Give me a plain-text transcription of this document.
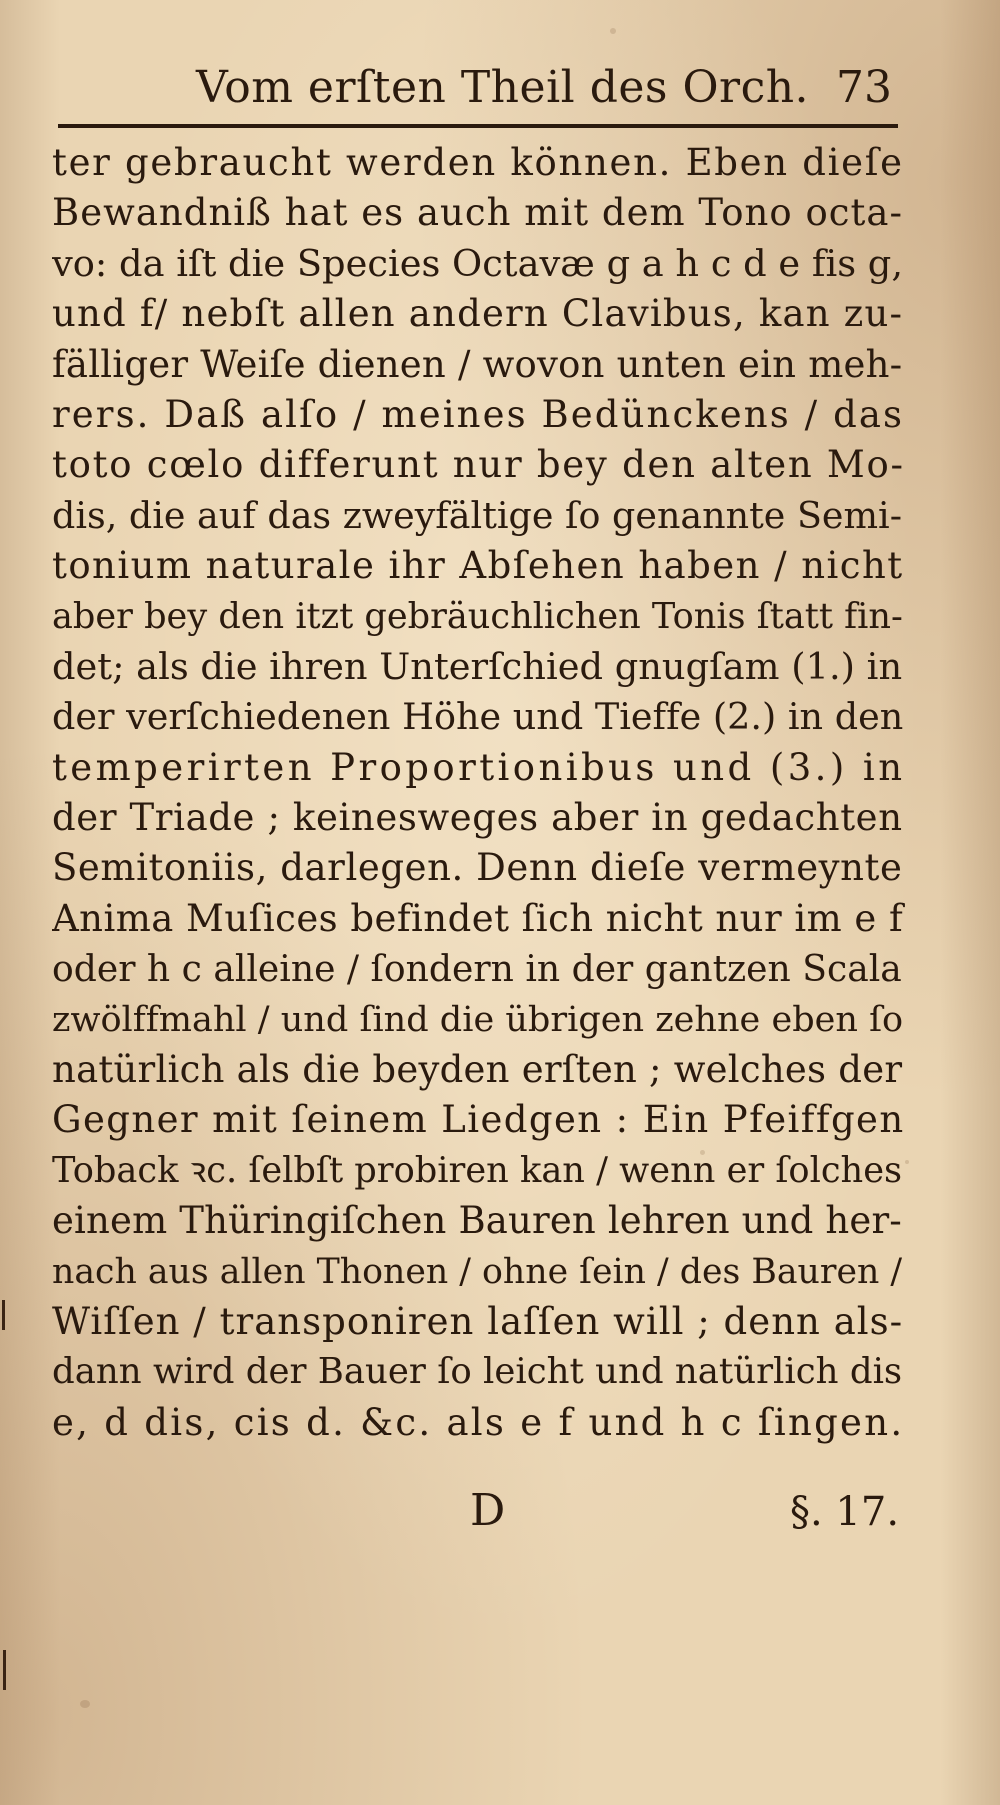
Vom erſten Theil des Orch. 73
ter gebraucht werden können. Eben dieſe
Bewandniß hat es auch mit dem Tono octa-
vo: da iſt die Species Octavæ g a h c d e fis g,
und f/ nebſt allen andern Clavibus, kan zu-
fälliger Weiſe dienen / wovon unten ein meh-
rers. Daß alſo / meines Bedünckens / das
toto cœlo differunt nur bey den alten Mo-
dis, die auf das zweyfältige ſo genannte Semi-
tonium naturale ihr Abſehen haben / nicht
aber bey den itzt gebräuchlichen Tonis ſtatt fin-
det; als die ihren Unterſchied gnugſam (1.) in
der verſchiedenen Höhe und Tieffe (2.) in den
temperirten Proportionibus und (3.) in
der Triade ; keinesweges aber in gedachten
Semitoniis, darlegen. Denn dieſe vermeynte
Anima Muſices befindet ſich nicht nur im e f
oder h c alleine / ſondern in der gantzen Scala
zwölffmahl / und ſind die übrigen zehne eben ſo
natürlich als die beyden erſten ; welches der
Gegner mit ſeinem Liedgen : Ein Pfeiffgen
Toback ꝛc. ſelbſt probiren kan / wenn er ſolches
einem Thüringiſchen Bauren lehren und her-
nach aus allen Thonen / ohne ſein / des Bauren /
Wiſſen / transponiren laſſen will ; denn als-
dann wird der Bauer ſo leicht und natürlich dis
e, d dis, cis d. &c. als e f und h c ſingen.
D	§. 17.
